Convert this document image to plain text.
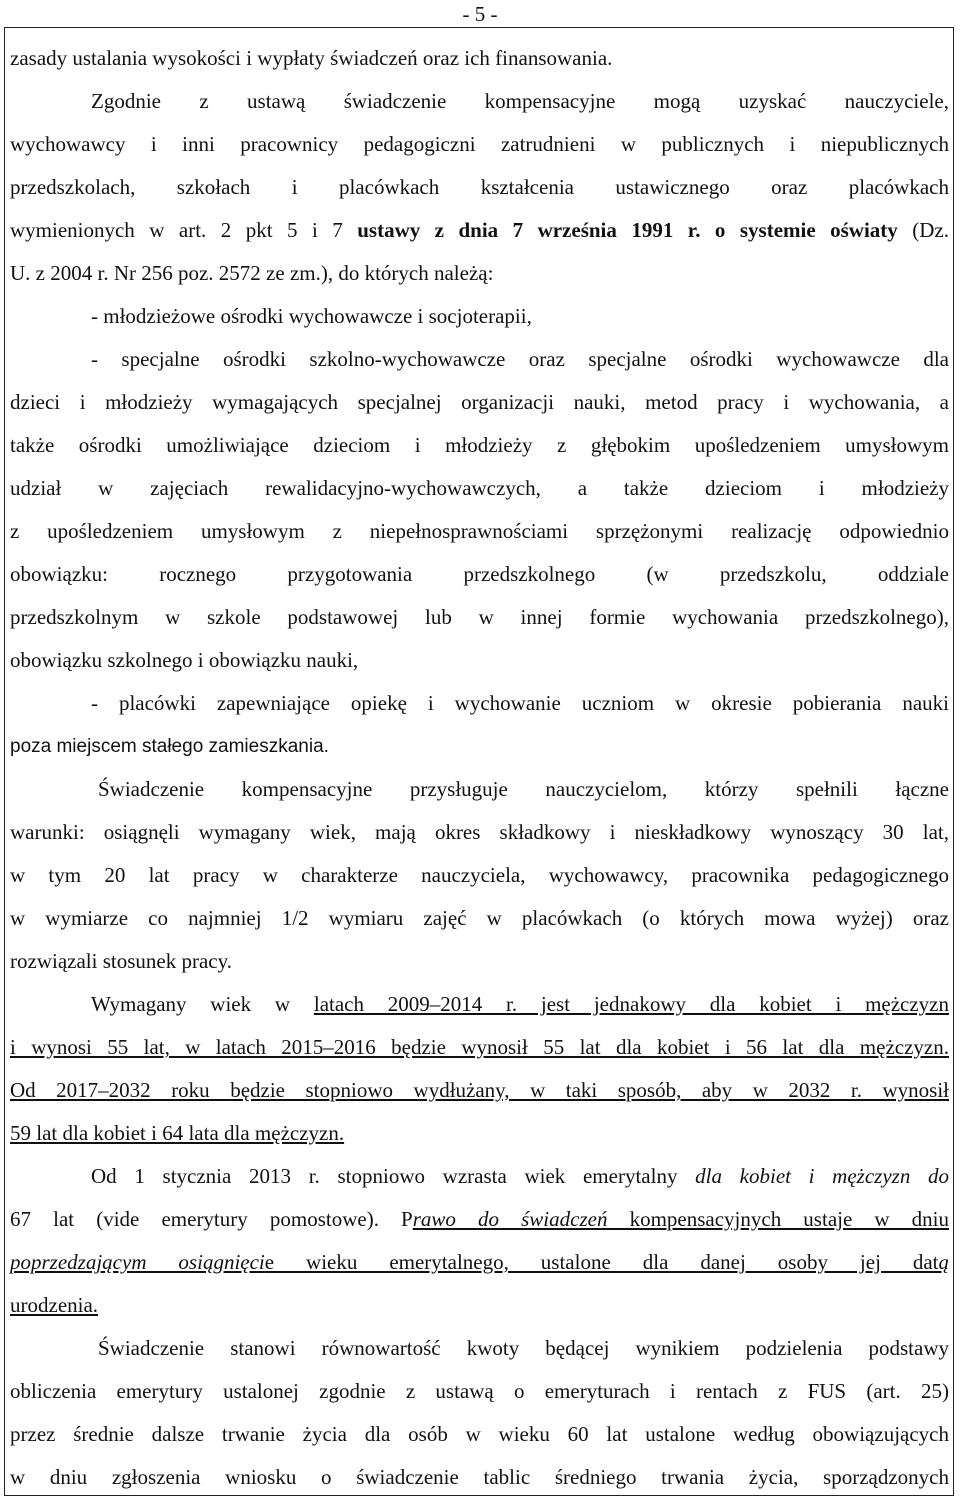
- 5 -
zasady ustalania wysokości i wypłaty świadczeń oraz ich finansowania.
Zgodnie z ustawą świadczenie kompensacyjne mogą uzyskać nauczyciele,
wychowawcy i inni pracownicy pedagogiczni zatrudnieni w publicznych i niepublicznych
przedszkolach, szkołach i placówkach kształcenia ustawicznego oraz placówkach
wymienionych w art. 2 pkt 5 i 7 ustawy z dnia 7 września 1991 r. o systemie oświaty (Dz.
U. z 2004 r. Nr 256 poz. 2572 ze zm.), do których należą:
- młodzieżowe ośrodki wychowawcze i socjoterapii,
- specjalne ośrodki szkolno-wychowawcze oraz specjalne ośrodki wychowawcze dla
dzieci i młodzieży wymagających specjalnej organizacji nauki, metod pracy i wychowania, a
także ośrodki umożliwiające dzieciom i młodzieży z głębokim upośledzeniem umysłowym
udział w zajęciach rewalidacyjno-wychowawczych, a także dzieciom i młodzieży
z upośledzeniem umysłowym z niepełnosprawnościami sprzężonymi realizację odpowiednio
obowiązku: rocznego przygotowania przedszkolnego (w przedszkolu, oddziale
przedszkolnym w szkole podstawowej lub w innej formie wychowania przedszkolnego),
obowiązku szkolnego i obowiązku nauki,
- placówki zapewniające opiekę i wychowanie uczniom w okresie pobierania nauki
poza miejscem stałego zamieszkania.
Świadczenie kompensacyjne przysługuje nauczycielom, którzy spełnili łączne
warunki: osiągnęli wymagany wiek, mają okres składkowy i nieskładkowy wynoszący 30 lat,
w tym 20 lat pracy w charakterze nauczyciela, wychowawcy, pracownika pedagogicznego
w wymiarze co najmniej 1/2 wymiaru zajęć w placówkach (o których mowa wyżej) oraz
rozwiązali stosunek pracy.
Wymagany wiek w latach 2009–2014 r. jest jednakowy dla kobiet i mężczyzn
i wynosi 55 lat, w latach 2015–2016 będzie wynosił 55 lat dla kobiet i 56 lat dla mężczyzn.
Od 2017–2032 roku będzie stopniowo wydłużany, w taki sposób, aby w 2032 r. wynosił
59 lat dla kobiet i 64 lata dla mężczyzn.
Od 1 stycznia 2013 r. stopniowo wzrasta wiek emerytalny dla kobiet i mężczyzn do
67 lat (vide emerytury pomostowe). Prawo do świadczeń kompensacyjnych ustaje w dniu
poprzedzającym osiągnięcie wieku emerytalnego, ustalone dla danej osoby jej datą
urodzenia.
Świadczenie stanowi równowartość kwoty będącej wynikiem podzielenia podstawy
obliczenia emerytury ustalonej zgodnie z ustawą o emeryturach i rentach z FUS (art. 25)
przez średnie dalsze trwanie życia dla osób w wieku 60 lat ustalone według obowiązujących
w dniu zgłoszenia wniosku o świadczenie tablic średniego trwania życia, sporządzonych
